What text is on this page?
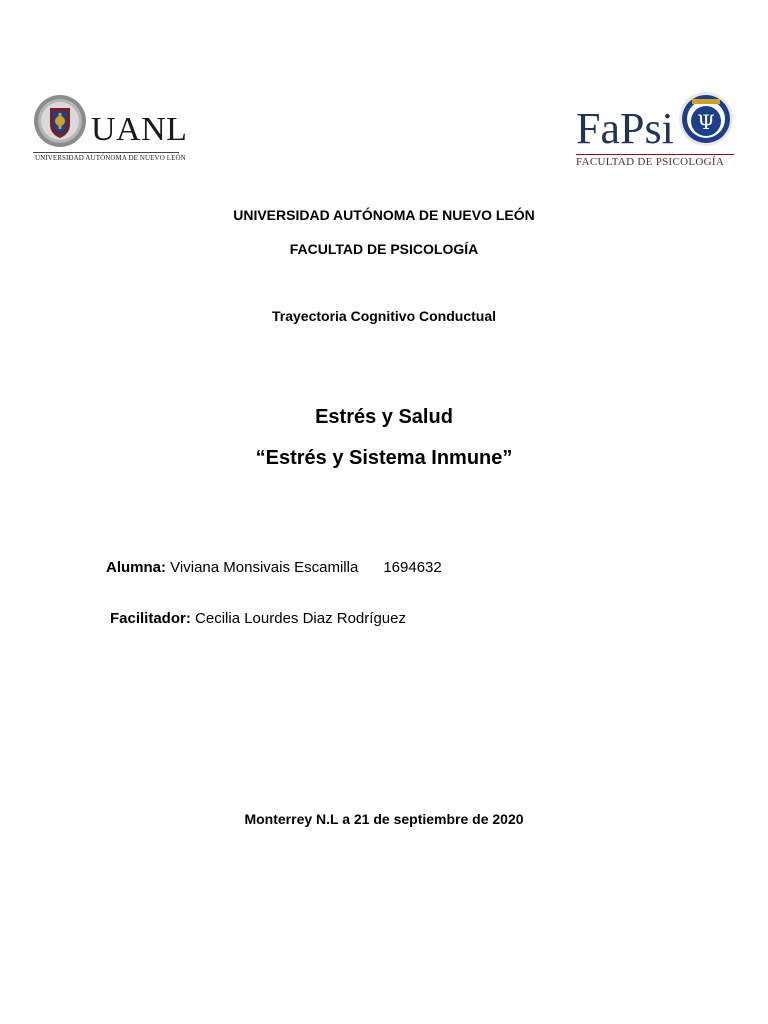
UANL
UNIVERSIDAD AUTÓNOMA DE NUEVO LEÓN
FaPsi Ψ
FACULTAD DE PSICOLOGÍA
UNIVERSIDAD AUTÓNOMA DE NUEVO LEÓN
FACULTAD DE PSICOLOGÍA
Trayectoria Cognitivo Conductual
Estrés y Salud
“Estrés y Sistema Inmune”
Alumna: Viviana Monsivais Escamilla 1694632
Facilitador: Cecilia Lourdes Diaz Rodríguez
Monterrey N.L a 21 de septiembre de 2020
